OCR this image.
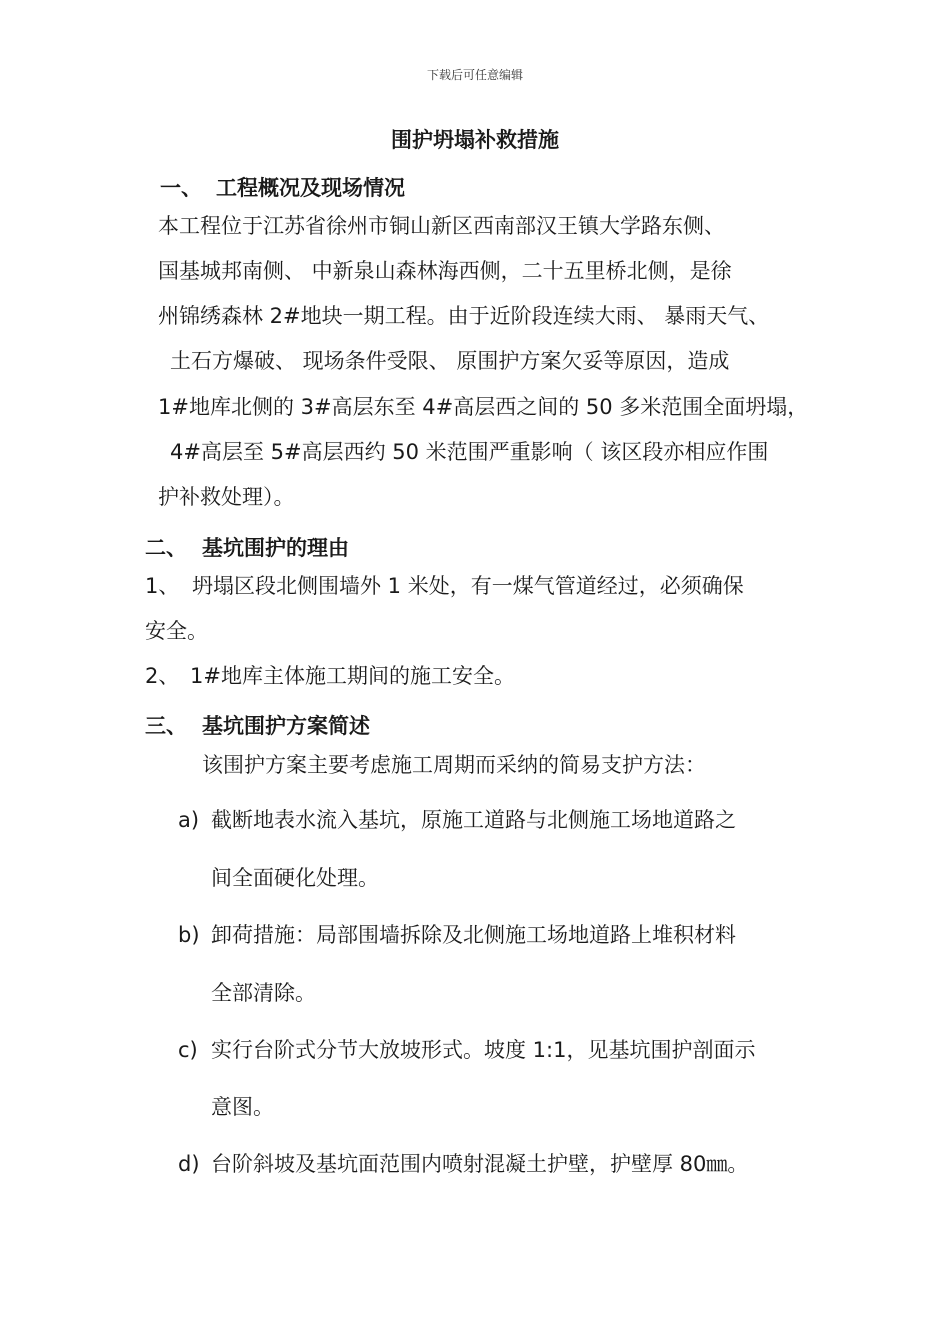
下载后可任意编辑
围护坍塌补救措施
一、 工程概况及现场情况
本工程位于江苏省徐州市铜山新区西南部汉王镇大学路东侧、
国基城邦南侧、 中新泉山森林海西侧，二十五里桥北侧，是徐
州锦绣森林 2#地块一期工程。由于近阶段连续大雨、 暴雨天气、
土石方爆破、 现场条件受限、 原围护方案欠妥等原因，造成
1#地库北侧的 3#高层东至 4#高层西之间的 50 多米范围全面坍塌，
4#高层至 5#高层西约 50 米范围严重影响（ 该区段亦相应作围
护补救处理）。
二、 基坑围护的理由
1、 坍塌区段北侧围墙外 1 米处，有一煤气管道经过，必须确保
安全。
2、 1#地库主体施工期间的施工安全。
三、 基坑围护方案简述
该围护方案主要考虑施工周期而采纳的简易支护方法：
a) 截断地表水流入基坑，原施工道路与北侧施工场地道路之
间全面硬化处理。
b) 卸荷措施：局部围墙拆除及北侧施工场地道路上堆积材料
全部清除。
c) 实行台阶式分节大放坡形式。坡度 1:1，见基坑围护剖面示
意图。
d) 台阶斜坡及基坑面范围内喷射混凝土护壁，护壁厚 80㎜。
